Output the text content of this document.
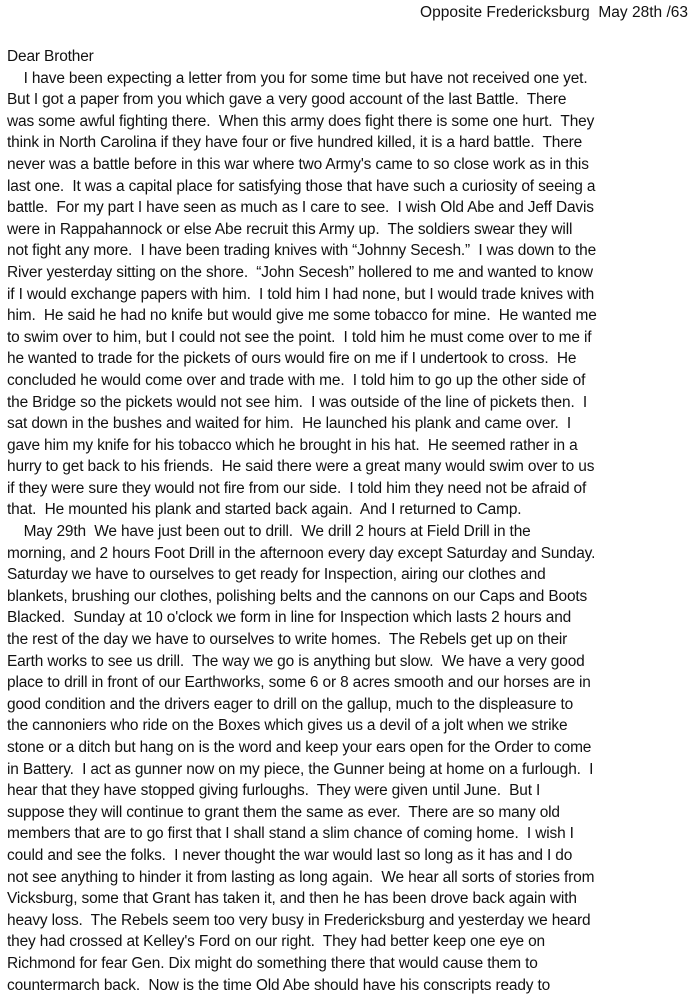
Opposite Fredericksburg May 28th /63
Dear Brother
I have been expecting a letter from you for some time but have not received one yet.
But I got a paper from you which gave a very good account of the last Battle.  There
was some awful fighting there.  When this army does fight there is some one hurt.  They
think in North Carolina if they have four or five hundred killed, it is a hard battle.  There
never was a battle before in this war where two Army's came to so close work as in this
last one.  It was a capital place for satisfying those that have such a curiosity of seeing a
battle.  For my part I have seen as much as I care to see.  I wish Old Abe and Jeff Davis
were in Rappahannock or else Abe recruit this Army up.  The soldiers swear they will
not fight any more.  I have been trading knives with “Johnny Secesh.”  I was down to the
River yesterday sitting on the shore.  “John Secesh” hollered to me and wanted to know
if I would exchange papers with him.  I told him I had none, but I would trade knives with
him.  He said he had no knife but would give me some tobacco for mine.  He wanted me
to swim over to him, but I could not see the point.  I told him he must come over to me if
he wanted to trade for the pickets of ours would fire on me if I undertook to cross.  He
concluded he would come over and trade with me.  I told him to go up the other side of
the Bridge so the pickets would not see him.  I was outside of the line of pickets then.  I
sat down in the bushes and waited for him.  He launched his plank and came over.  I
gave him my knife for his tobacco which he brought in his hat.  He seemed rather in a
hurry to get back to his friends.  He said there were a great many would swim over to us
if they were sure they would not fire from our side.  I told him they need not be afraid of
that.  He mounted his plank and started back again.  And I returned to Camp.
May 29th  We have just been out to drill.  We drill 2 hours at Field Drill in the
morning, and 2 hours Foot Drill in the afternoon every day except Saturday and Sunday.
Saturday we have to ourselves to get ready for Inspection, airing our clothes and
blankets, brushing our clothes, polishing belts and the cannons on our Caps and Boots
Blacked.  Sunday at 10 o'clock we form in line for Inspection which lasts 2 hours and
the rest of the day we have to ourselves to write homes.  The Rebels get up on their
Earth works to see us drill.  The way we go is anything but slow.  We have a very good
place to drill in front of our Earthworks, some 6 or 8 acres smooth and our horses are in
good condition and the drivers eager to drill on the gallup, much to the displeasure to
the cannoniers who ride on the Boxes which gives us a devil of a jolt when we strike
stone or a ditch but hang on is the word and keep your ears open for the Order to come
in Battery.  I act as gunner now on my piece, the Gunner being at home on a furlough.  I
hear that they have stopped giving furloughs.  They were given until June.  But I
suppose they will continue to grant them the same as ever.  There are so many old
members that are to go first that I shall stand a slim chance of coming home.  I wish I
could and see the folks.  I never thought the war would last so long as it has and I do
not see anything to hinder it from lasting as long again.  We hear all sorts of stories from
Vicksburg, some that Grant has taken it, and then he has been drove back again with
heavy loss.  The Rebels seem too very busy in Fredericksburg and yesterday we heard
they had crossed at Kelley's Ford on our right.  They had better keep one eye on
Richmond for fear Gen. Dix might do something there that would cause them to
countermarch back.  Now is the time Old Abe should have his conscripts ready to
